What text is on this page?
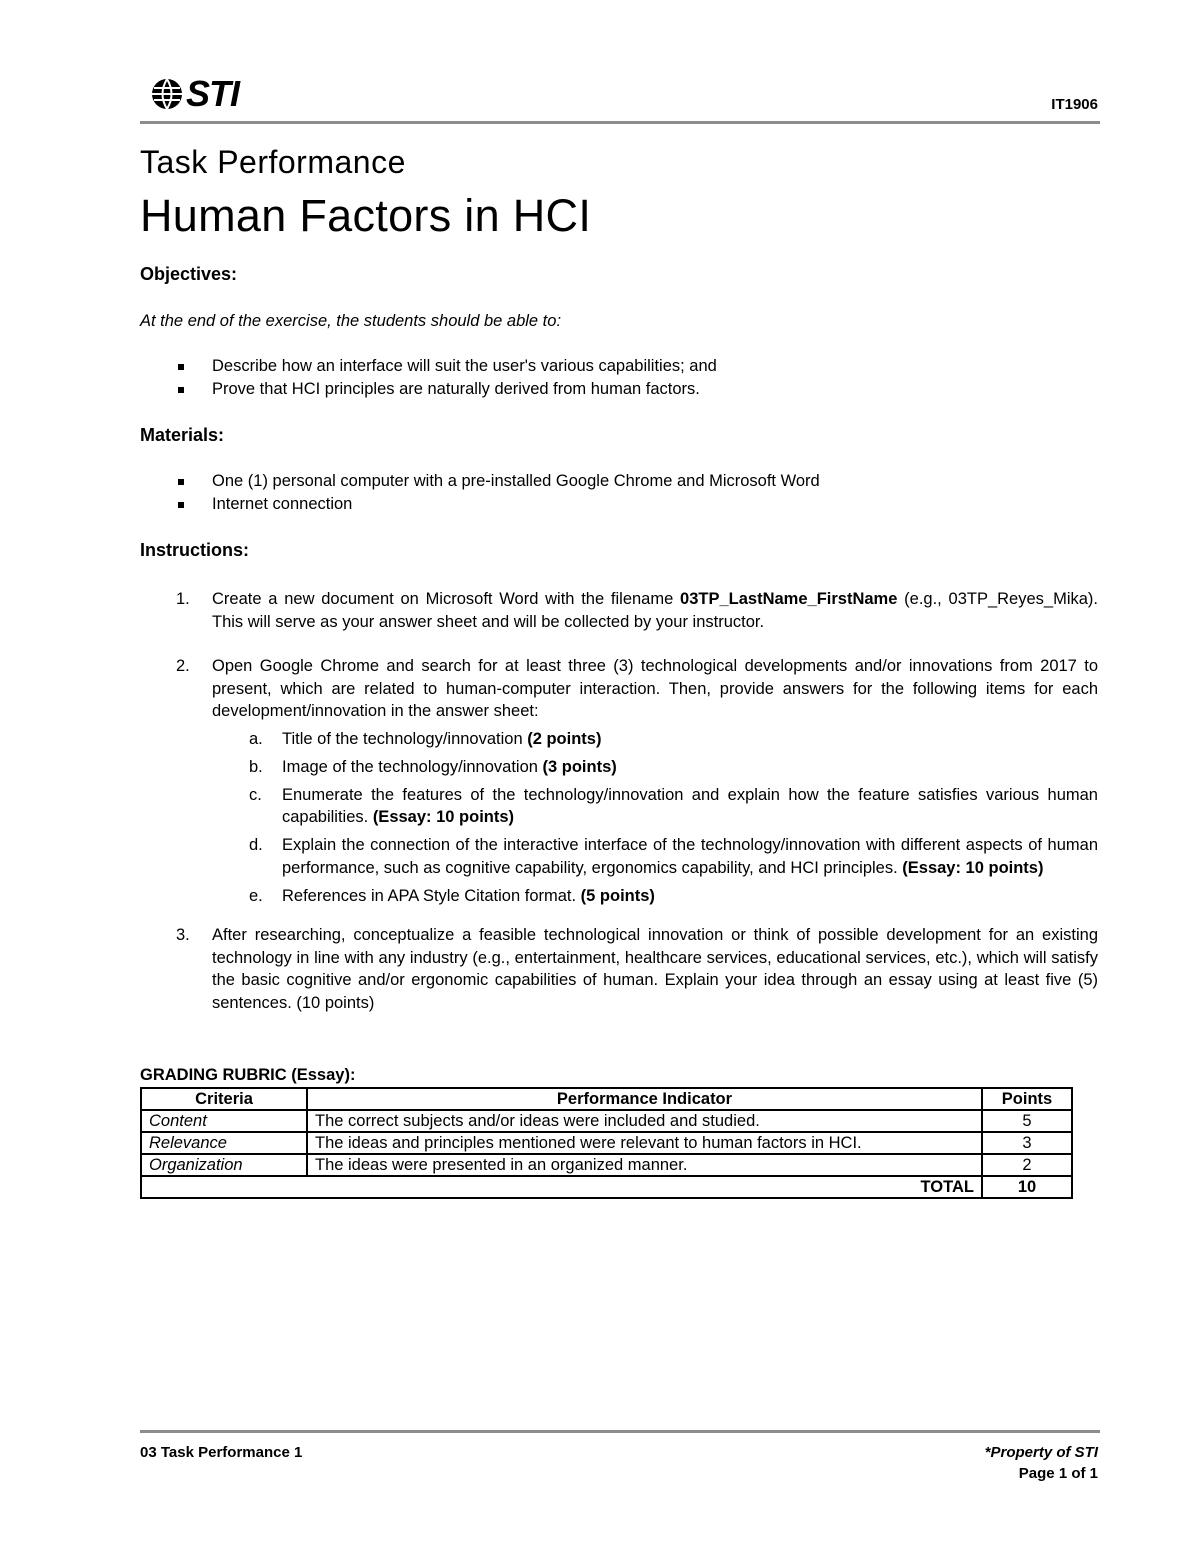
STI	IT1906
Task Performance
Human Factors in HCI
Objectives:
At the end of the exercise, the students should be able to:
Describe how an interface will suit the user's various capabilities; and
Prove that HCI principles are naturally derived from human factors.
Materials:
One (1) personal computer with a pre-installed Google Chrome and Microsoft Word
Internet connection
Instructions:
1. Create a new document on Microsoft Word with the filename 03TP_LastName_FirstName (e.g., 03TP_Reyes_Mika). This will serve as your answer sheet and will be collected by your instructor.
2. Open Google Chrome and search for at least three (3) technological developments and/or innovations from 2017 to present, which are related to human-computer interaction. Then, provide answers for the following items for each development/innovation in the answer sheet:
a. Title of the technology/innovation (2 points)
b. Image of the technology/innovation (3 points)
c. Enumerate the features of the technology/innovation and explain how the feature satisfies various human capabilities. (Essay: 10 points)
d. Explain the connection of the interactive interface of the technology/innovation with different aspects of human performance, such as cognitive capability, ergonomics capability, and HCI principles. (Essay: 10 points)
e. References in APA Style Citation format. (5 points)
3. After researching, conceptualize a feasible technological innovation or think of possible development for an existing technology in line with any industry (e.g., entertainment, healthcare services, educational services, etc.), which will satisfy the basic cognitive and/or ergonomic capabilities of human. Explain your idea through an essay using at least five (5) sentences. (10 points)
GRADING RUBRIC (Essay):
Criteria	Performance Indicator	Points
Content	The correct subjects and/or ideas were included and studied.	5
Relevance	The ideas and principles mentioned were relevant to human factors in HCI.	3
Organization	The ideas were presented in an organized manner.	2
TOTAL		10
03 Task Performance 1	*Property of STI
Page 1 of 1
